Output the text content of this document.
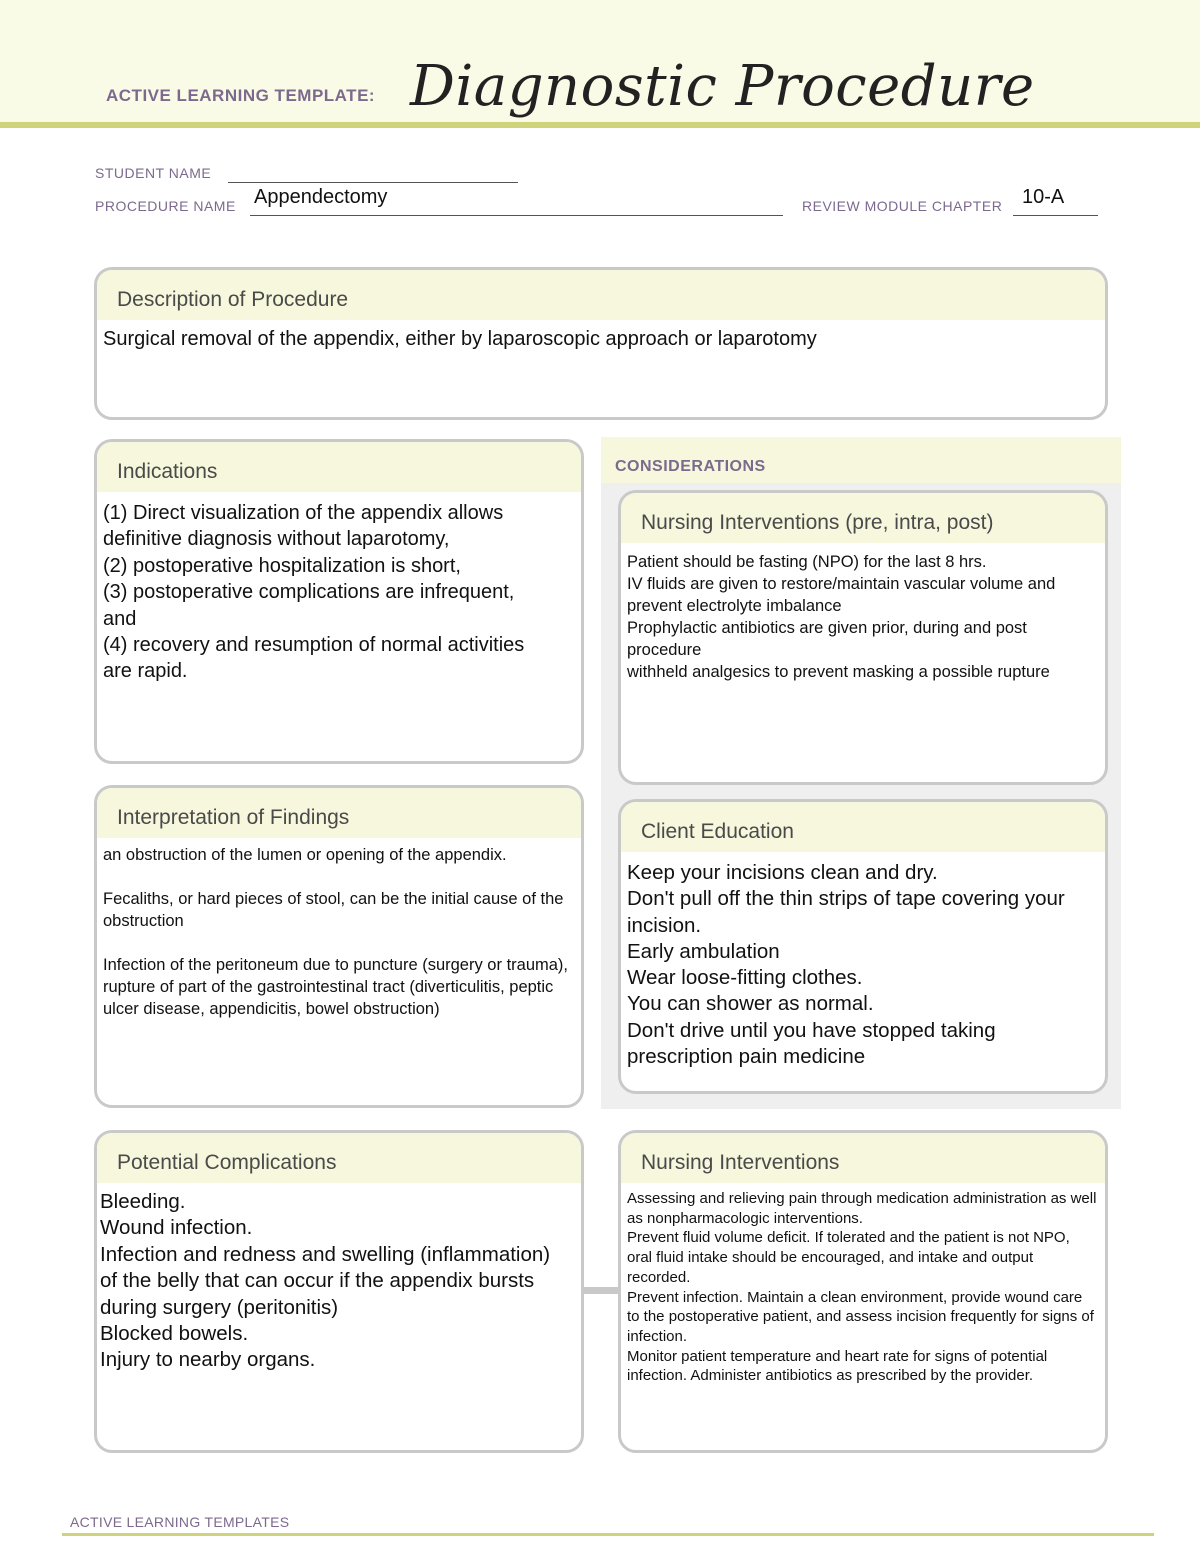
ACTIVE LEARNING TEMPLATE: Diagnostic Procedure
STUDENT NAME
PROCEDURE NAME Appendectomy	REVIEW MODULE CHAPTER 10-A
Description of Procedure
Surgical removal of the appendix, either by laparoscopic approach or laparotomy
Indications
(1) Direct visualization of the appendix allows definitive diagnosis without laparotomy,
(2) postoperative hospitalization is short,
(3) postoperative complications are infrequent, and
(4) recovery and resumption of normal activities are rapid.
CONSIDERATIONS
Nursing Interventions (pre, intra, post)
Patient should be fasting (NPO) for the last 8 hrs.
IV fluids are given to restore/maintain vascular volume and prevent electrolyte imbalance
Prophylactic antibiotics are given prior, during and post procedure
withheld analgesics to prevent masking a possible rupture
Interpretation of Findings
an obstruction of the lumen or opening of the appendix.

Fecaliths, or hard pieces of stool, can be the initial cause of the obstruction

Infection of the peritoneum due to puncture (surgery or trauma), rupture of part of the gastrointestinal tract (diverticulitis, peptic ulcer disease, appendicitis, bowel obstruction)
Client Education
Keep your incisions clean and dry.
Don't pull off the thin strips of tape covering your incision.
Early ambulation
Wear loose-fitting clothes.
You can shower as normal.
Don't drive until you have stopped taking prescription pain medicine
Potential Complications
Bleeding.
Wound infection.
Infection and redness and swelling (inflammation) of the belly that can occur if the appendix bursts during surgery (peritonitis)
Blocked bowels.
Injury to nearby organs.
Nursing Interventions
Assessing and relieving pain through medication administration as well as nonpharmacologic interventions.
Prevent fluid volume deficit. If tolerated and the patient is not NPO, oral fluid intake should be encouraged, and intake and output recorded.
Prevent infection. Maintain a clean environment, provide wound care to the postoperative patient, and assess incision frequently for signs of infection.
Monitor patient temperature and heart rate for signs of potential infection. Administer antibiotics as prescribed by the provider.
ACTIVE LEARNING TEMPLATES
